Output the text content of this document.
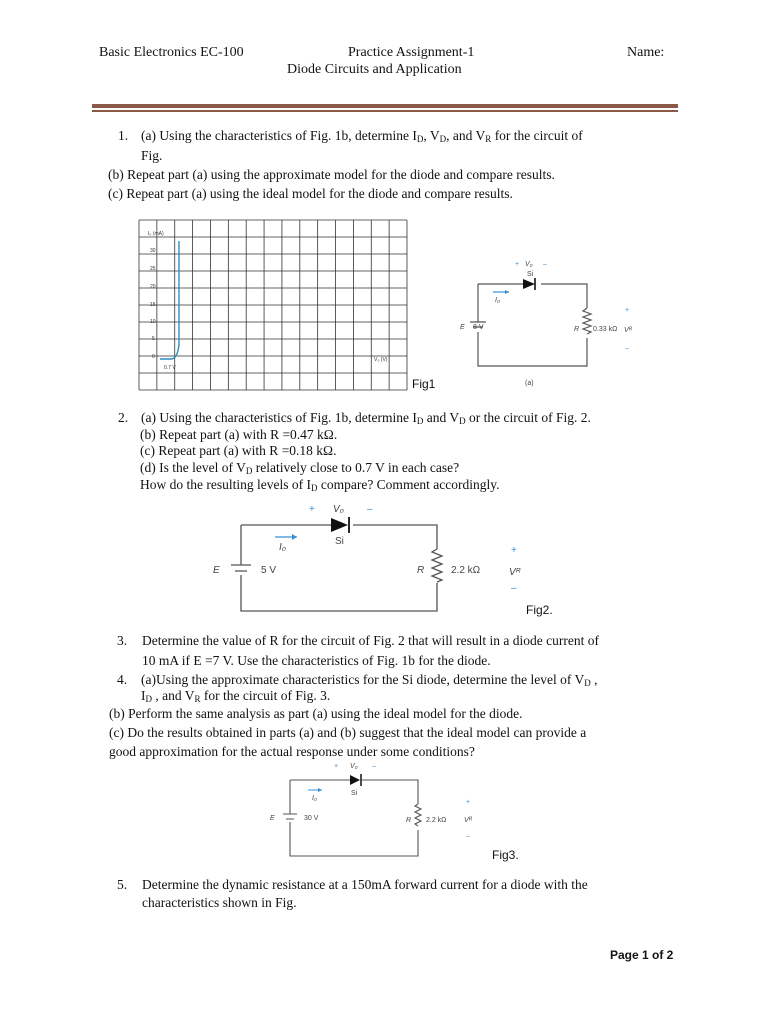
Basic Electronics EC-100	Practice Assignment-1	Name:
Diode Circuits and Application
1. (a) Using the characteristics of Fig. 1b, determine $I_D$, $V_D$, and $V_R$ for the circuit of
Fig.
(b) Repeat part (a) using the approximate model for the diode and compare results.
(c) Repeat part (a) using the ideal model for the diode and compare results.
I₀ (mA)
30
25
20
15
10
5
0
0.7 V
V₀ (V)
Fig1
+ V₀ –
Si
I₀
E 8 V	R 0.33 kΩ
+
Vᴿ
–
(a)
2. (a) Using the characteristics of Fig. 1b, determine $I_D$ and $V_D$ or the circuit of Fig. 2.
(b) Repeat part (a) with R =0.47 kΩ.
(c) Repeat part (a) with R =0.18 kΩ.
(d) Is the level of $V_D$ relatively close to 0.7 V in each case?
How do the resulting levels of $I_D$ compare? Comment accordingly.
+ V₀ –
Si
I₀
E	5 V	R	2.2 kΩ
+
Vᴿ
–
Fig2.
3. Determine the value of R for the circuit of Fig. 2 that will result in a diode current of
10 mA if E =7 V. Use the characteristics of Fig. 1b for the diode.
4. (a)Using the approximate characteristics for the Si diode, determine the level of $V_D$ ,
$I_D$ , and $V_R$ for the circuit of Fig. 3.
(b) Perform the same analysis as part (a) using the ideal model for the diode.
(c) Do the results obtained in parts (a) and (b) suggest that the ideal model can provide a
good approximation for the actual response under some conditions?
+ V₀ –
Si
I₀
E	30 V	R 2.2 kΩ
+
Vᴿ
–
Fig3.
5. Determine the dynamic resistance at a 150mA forward current for a diode with the
characteristics shown in Fig.
Page 1 of 2
